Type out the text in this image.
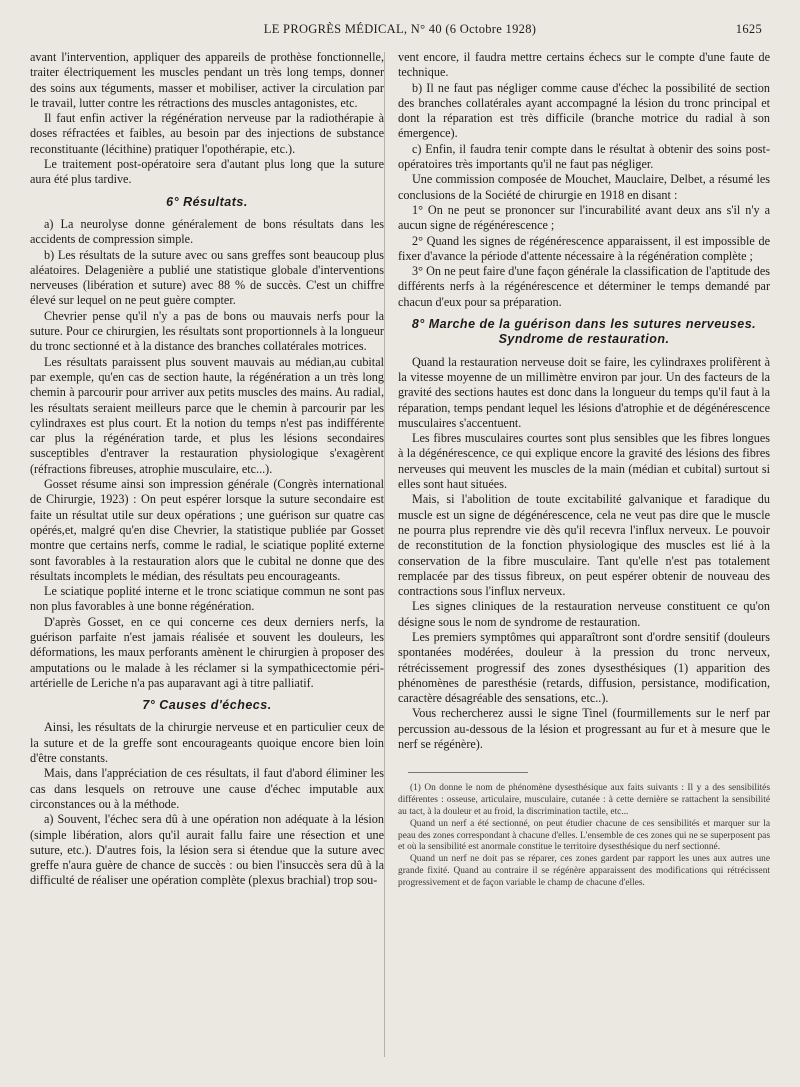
LE PROGRÈS MÉDICAL, N° 40 (6 Octobre 1928)	1625

avant l'intervention, appliquer des appareils de prothèse fonctionnelle, traiter électriquement les muscles pendant un très long temps, donner des soins aux téguments, masser et mobiliser, activer la circulation par le travail, lutter contre les rétractions des muscles antagonistes, etc.

Il faut enfin activer la régénération nerveuse par la radiothérapie à doses réfractées et faibles, au besoin par des injections de substance reconstituante (lécithine) pratiquer l'opothérapie, etc.).

Le traitement post-opératoire sera d'autant plus long que la suture aura été plus tardive.

6° Résultats.

a) La neurolyse donne généralement de bons résultats dans les accidents de compression simple.

b) Les résultats de la suture avec ou sans greffes sont beaucoup plus aléatoires. Delagenière a publié une statistique globale d'interventions nerveuses (libération et suture) avec 88 % de succès. C'est un chiffre élevé sur lequel on ne peut guère compter.

Chevrier pense qu'il n'y a pas de bons ou mauvais nerfs pour la suture. Pour ce chirurgien, les résultats sont proportionnels à la longueur du tronc sectionné et à la distance des branches collatérales motrices.

Les résultats paraissent plus souvent mauvais au médian,au cubital par exemple, qu'en cas de section haute, la régénération a un très long chemin à parcourir pour arriver aux petits muscles des mains. Au radial, les résultats seraient meilleurs parce que le chemin à parcourir par les cylindraxes est plus court. Et la notion du temps n'est pas indifférente car plus la régénération tarde, et plus les lésions secondaires susceptibles d'entraver la restauration physiologique s'exagèrent (réfractions fibreuses, atrophie musculaire, etc...).

Gosset résume ainsi son impression générale (Congrès international de Chirurgie, 1923) : On peut espérer lorsque la suture secondaire est faite un résultat utile sur deux opérations ; une guérison sur quatre cas opérés,et, malgré qu'en dise Chevrier, la statistique publiée par Gosset montre que certains nerfs, comme le radial, le sciatique poplité externe sont favorables à la restauration alors que le cubital ne donne que des résultats incomplets le médian, des résultats peu encourageants.

Le sciatique poplité interne et le tronc sciatique commun ne sont pas non plus favorables à une bonne régénération.

D'après Gosset, en ce qui concerne ces deux derniers nerfs, la guérison parfaite n'est jamais réalisée et souvent les douleurs, les déformations, les maux perforants amènent le chirurgien à proposer des amputations ou le malade à les réclamer si la sympathicectomie péri-artérielle de Leriche n'a pas auparavant agi à titre palliatif.

7° Causes d'échecs.

Ainsi, les résultats de la chirurgie nerveuse et en particulier ceux de la suture et de la greffe sont encourageants quoique encore bien loin d'être constants.

Mais, dans l'appréciation de ces résultats, il faut d'abord éliminer les cas dans lesquels on retrouve une cause d'échec imputable aux circonstances ou à la méthode.

a) Souvent, l'échec sera dû à une opération non adéquate à la lésion (simple libération, alors qu'il aurait fallu faire une résection et une suture, etc.). D'autres fois, la lésion sera si étendue que la suture avec greffe n'aura guère de chance de succès : ou bien l'insuccès sera dû à la difficulté de réaliser une opération complète (plexus brachial) trop sou-

vent encore, il faudra mettre certains échecs sur le compte d'une faute de technique.

b) Il ne faut pas négliger comme cause d'échec la possibilité de section des branches collatérales ayant accompagné la lésion du tronc principal et dont la réparation est très difficile (branche motrice du radial à son émergence).

c) Enfin, il faudra tenir compte dans le résultat à obtenir des soins post-opératoires très importants qu'il ne faut pas négliger.

Une commission composée de Mouchet, Mauclaire, Delbet, a résumé les conclusions de la Société de chirurgie en 1918 en disant :

1° On ne peut se prononcer sur l'incurabilité avant deux ans s'il n'y a aucun signe de régénérescence ;

2° Quand les signes de régénérescence apparaissent, il est impossible de fixer d'avance la période d'attente nécessaire à la régénération complète ;

3° On ne peut faire d'une façon générale la classification de l'aptitude des différents nerfs à la régénérescence et déterminer le temps demandé par chacun d'eux pour sa préparation.

8° Marche de la guérison dans les sutures nerveuses. Syndrome de restauration.

Quand la restauration nerveuse doit se faire, les cylindraxes prolifèrent à la vitesse moyenne de un millimètre environ par jour. Un des facteurs de la gravité des sections hautes est donc dans la longueur du temps qu'il faut à la réparation, temps pendant lequel les lésions d'atrophie et de dégénérescence musculaires s'accentuent.

Les fibres musculaires courtes sont plus sensibles que les fibres longues à la dégénérescence, ce qui explique encore la gravité des lésions des fibres nerveuses qui meuvent les muscles de la main (médian et cubital) surtout si elles sont haut situées.

Mais, si l'abolition de toute excitabilité galvanique et faradique du muscle est un signe de dégénérescence, cela ne veut pas dire que le muscle ne pourra plus reprendre vie dès qu'il recevra l'influx nerveux. Le pouvoir de reconstitution de la fonction physiologique des muscles est lié à la conservation de la fibre musculaire. Tant qu'elle n'est pas totalement remplacée par des tissus fibreux, on peut espérer obtenir de nouveau des contractions sous l'influx nerveux.

Les signes cliniques de la restauration nerveuse constituent ce qu'on désigne sous le nom de syndrome de restauration.

Les premiers symptômes qui apparaîtront sont d'ordre sensitif (douleurs spontanées modérées, douleur à la pression du tronc nerveux, rétrécissement progressif des zones dysesthésiques (1) apparition des phénomènes de paresthésie (retards, diffusion, persistance, modification, caractère désagréable des sensations, etc..).

Vous rechercherez aussi le signe Tinel (fourmillements sur le nerf par percussion au-dessous de la lésion et progressant au fur et à mesure que le nerf se régénère).

(1) On donne le nom de phénomène dysesthésique aux faits suivants : Il y a des sensibilités différentes : osseuse, articulaire, musculaire, cutanée : à cette dernière se rattachent la sensibilité au tact, à la douleur et au froid, la discrimination tactile, etc...

Quand un nerf a été sectionné, on peut étudier chacune de ces sensibilités et marquer sur la peau des zones correspondant à chacune d'elles. L'ensemble de ces zones qui ne se superposent pas et où la sensibilité est anormale constitue le territoire dysesthésique du nerf sectionné.

Quand un nerf ne doit pas se réparer, ces zones gardent par rapport les unes aux autres une grande fixité. Quand au contraire il se régénère apparaissent des modifications qui rétrécissent progressivement et de façon variable le champ de chacune d'elles.
